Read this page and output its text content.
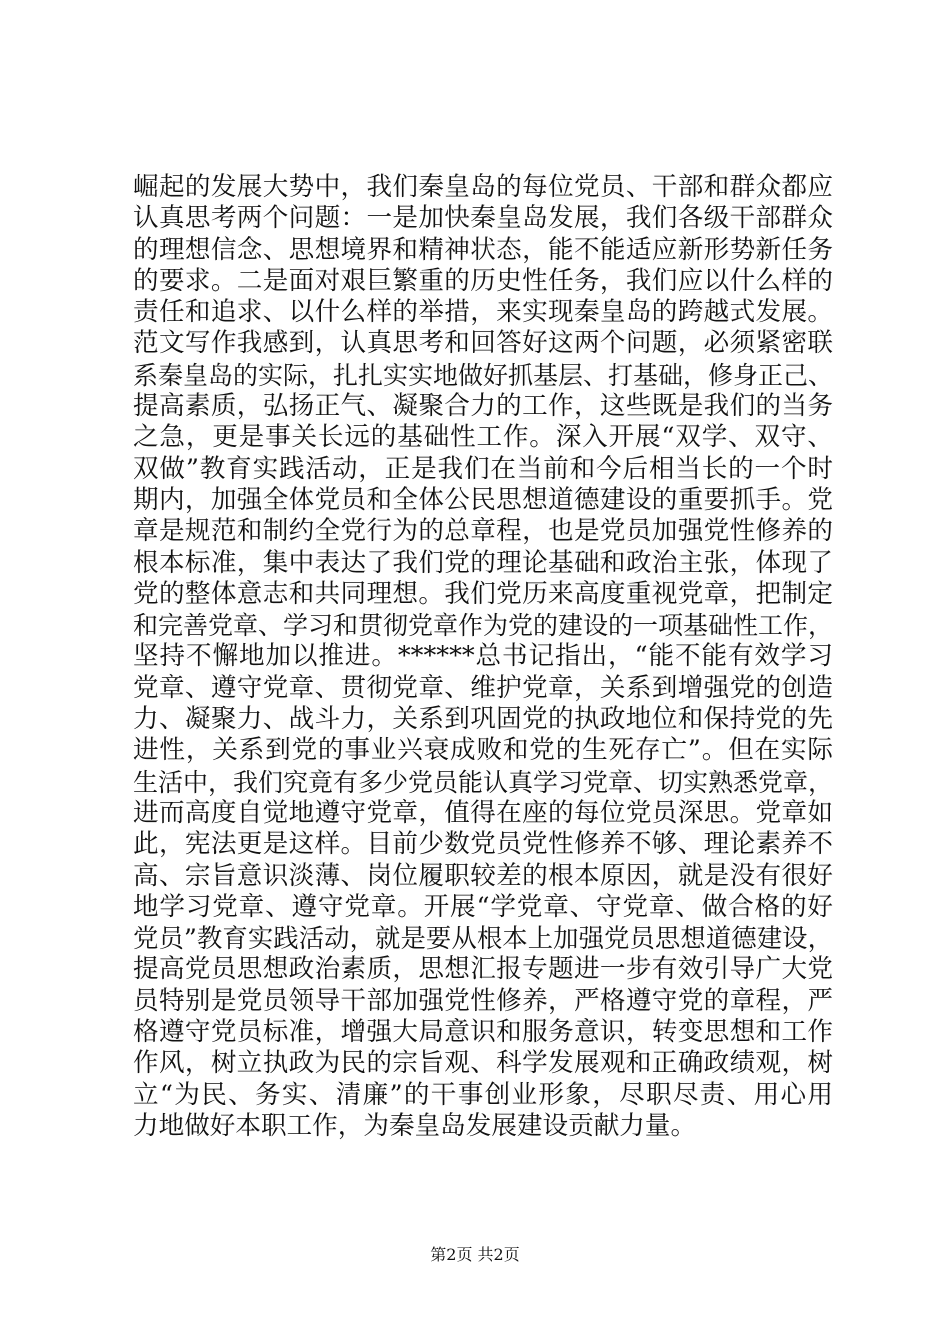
崛起的发展大势中，我们秦皇岛的每位党员、干部和群众都应
认真思考两个问题：一是加快秦皇岛发展，我们各级干部群众
的理想信念、思想境界和精神状态，能不能适应新形势新任务
的要求。二是面对艰巨繁重的历史性任务，我们应以什么样的
责任和追求、以什么样的举措，来实现秦皇岛的跨越式发展。
范文写作我感到，认真思考和回答好这两个问题，必须紧密联
系秦皇岛的实际，扎扎实实地做好抓基层、打基础，修身正己、
提高素质，弘扬正气、凝聚合力的工作，这些既是我们的当务
之急，更是事关长远的基础性工作。深入开展“双学、双守、
双做”教育实践活动，正是我们在当前和今后相当长的一个时
期内，加强全体党员和全体公民思想道德建设的重要抓手。党
章是规范和制约全党行为的总章程，也是党员加强党性修养的
根本标准，集中表达了我们党的理论基础和政治主张，体现了
党的整体意志和共同理想。我们党历来高度重视党章，把制定
和完善党章、学习和贯彻党章作为党的建设的一项基础性工作，
坚持不懈地加以推进。******总书记指出，“能不能有效学习
党章、遵守党章、贯彻党章、维护党章，关系到增强党的创造
力、凝聚力、战斗力，关系到巩固党的执政地位和保持党的先
进性，关系到党的事业兴衰成败和党的生死存亡”。但在实际
生活中，我们究竟有多少党员能认真学习党章、切实熟悉党章，
进而高度自觉地遵守党章，值得在座的每位党员深思。党章如
此，宪法更是这样。目前少数党员党性修养不够、理论素养不
高、宗旨意识淡薄、岗位履职较差的根本原因，就是没有很好
地学习党章、遵守党章。开展“学党章、守党章、做合格的好
党员”教育实践活动，就是要从根本上加强党员思想道德建设，
提高党员思想政治素质，思想汇报专题进一步有效引导广大党
员特别是党员领导干部加强党性修养，严格遵守党的章程，严
格遵守党员标准，增强大局意识和服务意识，转变思想和工作
作风，树立执政为民的宗旨观、科学发展观和正确政绩观，树
立“为民、务实、清廉”的干事创业形象，尽职尽责、用心用
力地做好本职工作，为秦皇岛发展建设贡献力量。
第2页 共2页
